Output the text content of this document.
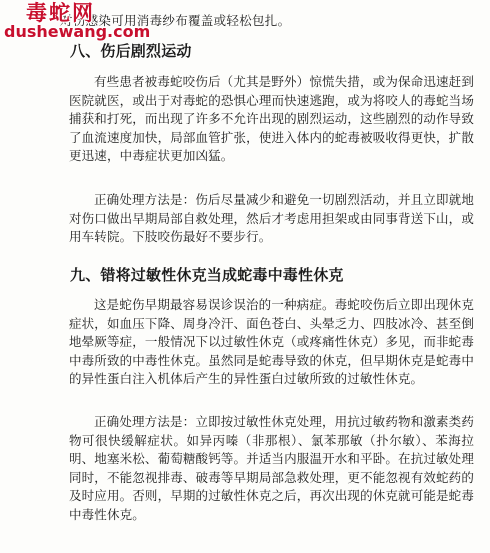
毒蛇网
dushewang.com
对伤感染可用消毒纱布覆盖或轻松包扎。
八、伤后剧烈运动

有些患者被毒蛇咬伤后（尤其是野外）惊慌失措，或为保命迅速赶到医院就医，或出于对毒蛇的恐惧心理而快速逃跑，或为将咬人的毒蛇当场捕获和打死，而出现了许多不允许出现的剧烈运动，这些剧烈的动作导致了血流速度加快，局部血管扩张，使进入体内的蛇毒被吸收得更快，扩散更迅速，中毒症状更加凶猛。

正确处理方法是：伤后尽量减少和避免一切剧烈活动，并且立即就地对伤口做出早期局部自救处理，然后才考虑用担架或由同事背送下山，或用车转院。下肢咬伤最好不要步行。

九、错将过敏性休克当成蛇毒中毒性休克

这是蛇伤早期最容易误诊误治的一种病症。毒蛇咬伤后立即出现休克症状，如血压下降、周身冷汗、面色苍白、头晕乏力、四肢冰冷、甚至倒地晕厥等症，一般情况下以过敏性休克（或疼痛性休克）多见，而非蛇毒中毒所致的中毒性休克。虽然同是蛇毒导致的休克，但早期休克是蛇毒中的异性蛋白注入机体后产生的异性蛋白过敏所致的过敏性休克。

正确处理方法是：立即按过敏性休克处理，用抗过敏药物和激素类药物可很快缓解症状。如异丙嗪（非那根）、氯苯那敏（扑尔敏）、苯海拉明、地塞米松、葡萄糖酸钙等。并适当内服温开水和平卧。在抗过敏处理同时，不能忽视排毒、破毒等早期局部急救处理，更不能忽视有效蛇药的及时应用。否则，早期的过敏性休克之后，再次出现的休克就可能是蛇毒中毒性休克。
